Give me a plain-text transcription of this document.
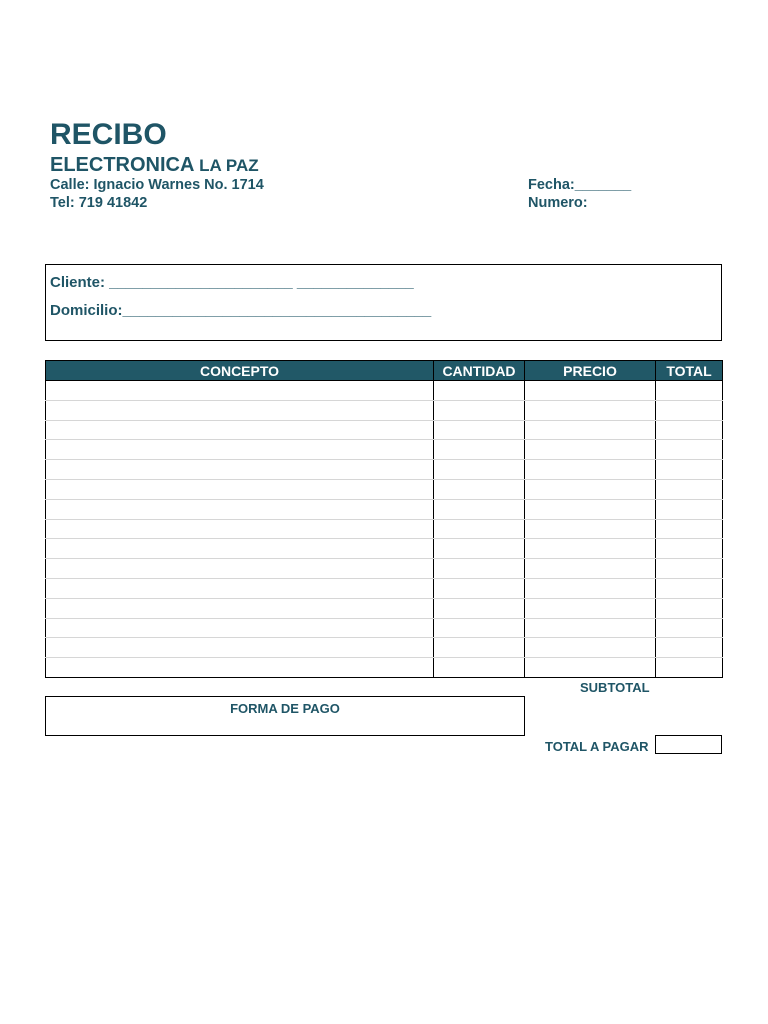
RECIBO
ELECTRONICA LA PAZ
Calle: Ignacio Warnes No. 1714
Tel: 719 41842
Fecha:_______
Numero:
Cliente: ______________________ ______________
Domicilio:_____________________________________
CONCEPTO	CANTIDAD	PRECIO	TOTAL

SUBTOTAL
FORMA DE PAGO
TOTAL A PAGAR
